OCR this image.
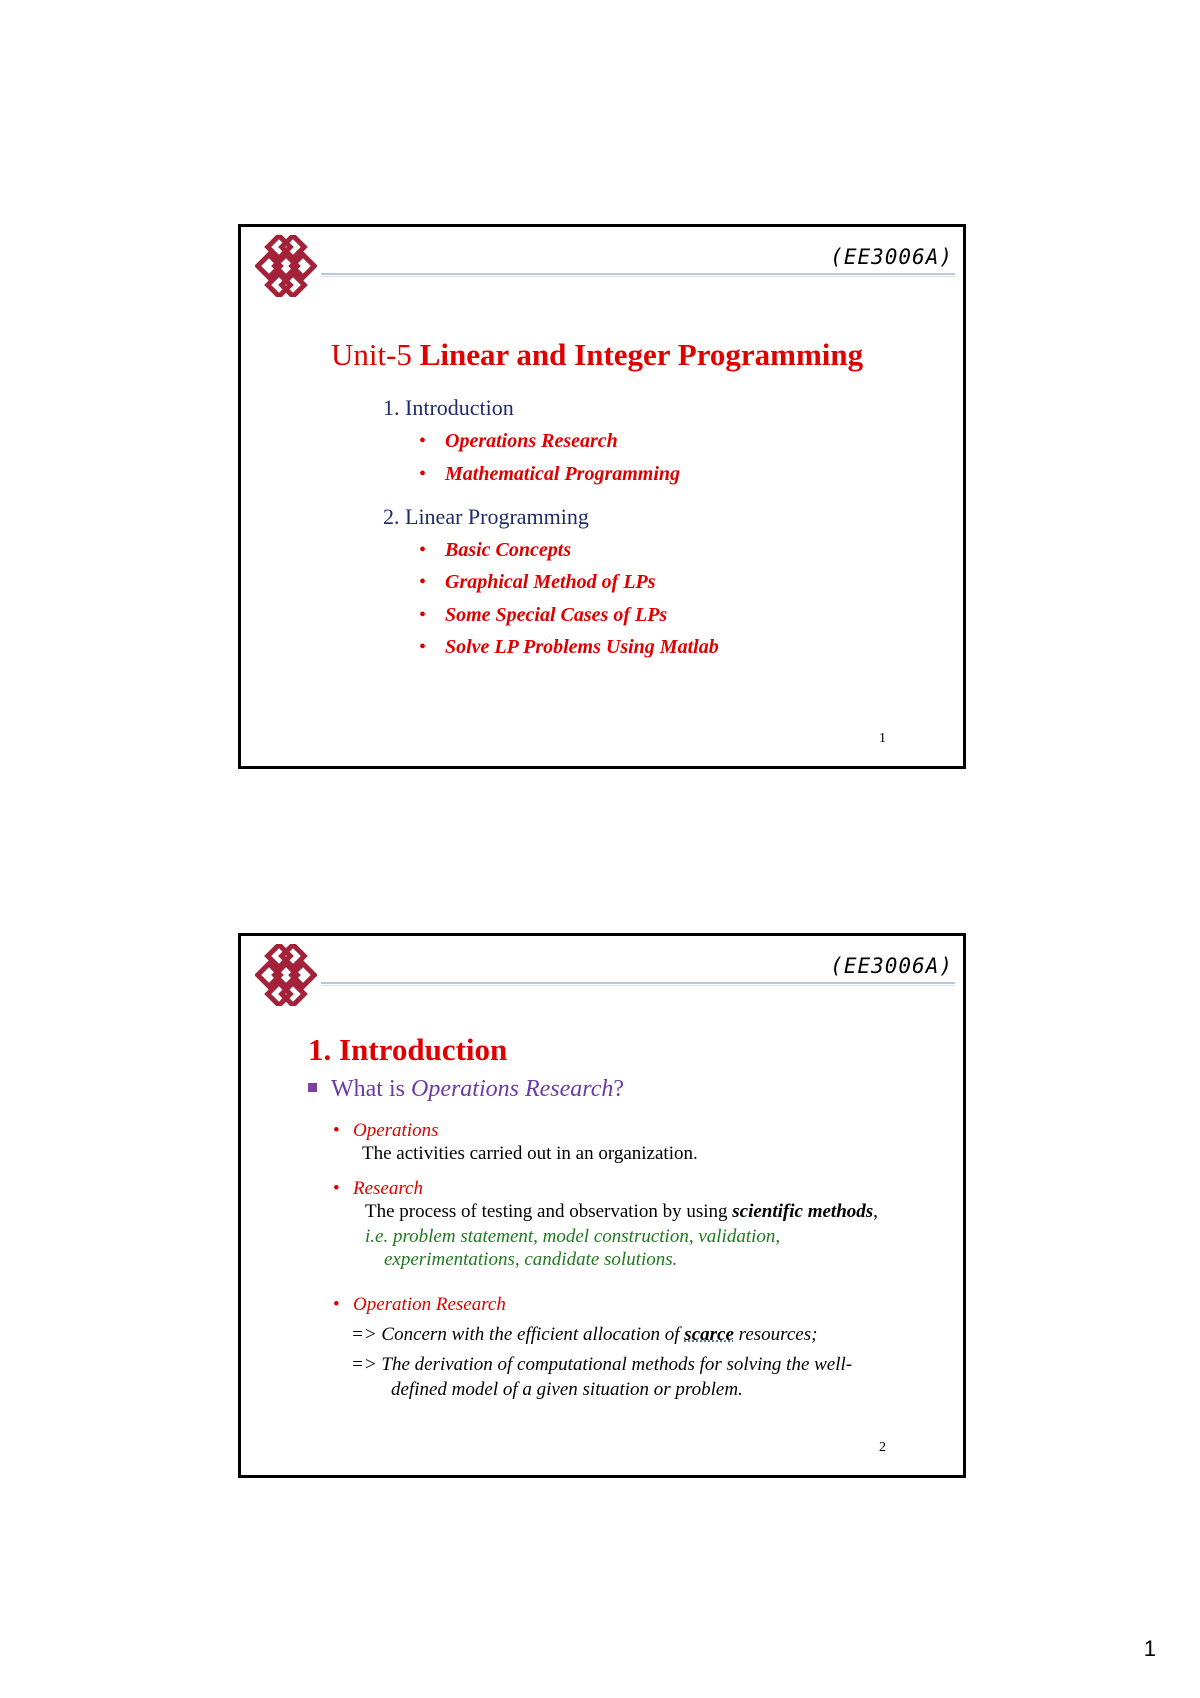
(EE3006A)
Unit-5 Linear and Integer Programming
1. Introduction
• Operations Research
• Mathematical Programming
2. Linear Programming
• Basic Concepts
• Graphical Method of LPs
• Some Special Cases of LPs
• Solve LP Problems Using Matlab
1
(EE3006A)
1. Introduction
What is Operations Research?
• Operations
The activities carried out in an organization.
• Research
The process of testing and observation by using scientific methods,
i.e. problem statement, model construction, validation,
experimentations, candidate solutions.
• Operation Research
=> Concern with the efficient allocation of scarce resources;
=> The derivation of computational methods for solving the well-
defined model of a given situation or problem.
2
1
